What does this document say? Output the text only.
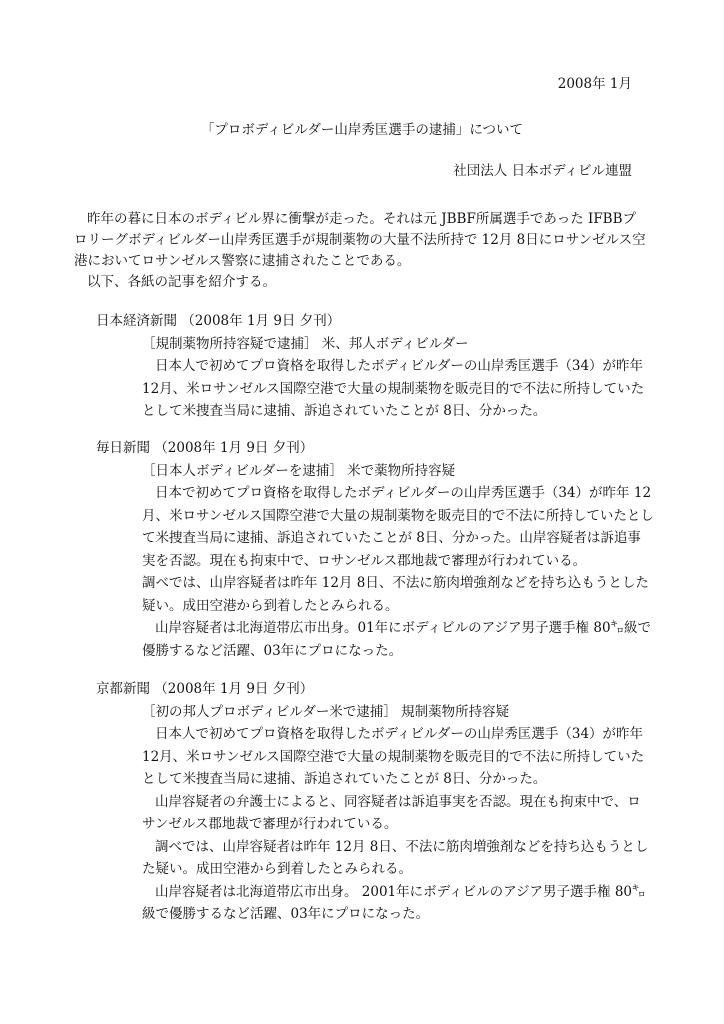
2008年 1月
「プロボディビルダー山岸秀匡選手の逮捕」について
社団法人 日本ボディビル連盟

昨年の暮に日本のボディビル界に衝撃が走った。それは元 JBBF所属選手であった IFBBプロリーグボディビルダー山岸秀匡選手が規制薬物の大量不法所持で 12月 8日にロサンゼルス空港においてロサンゼルス警察に逮捕されたことである。

以下、各紙の記事を紹介する。

日本経済新聞 （2008年 1月 9日 夕刊）

［規制薬物所持容疑で逮捕］ 米、邦人ボディビルダー

日本人で初めてプロ資格を取得したボディビルダーの山岸秀匡選手（34）が昨年 12月、米ロサンゼルス国際空港で大量の規制薬物を販売目的で不法に所持していたとして米捜査当局に逮捕、訴追されていたことが 8日、分かった。

毎日新聞 （2008年 1月 9日 夕刊）

［日本人ボディビルダーを逮捕］ 米で薬物所持容疑

日本で初めてプロ資格を取得したボディビルダーの山岸秀匡選手（34）が昨年 12月、米ロサンゼルス国際空港で大量の規制薬物を販売目的で不法に所持していたとして米捜査当局に逮捕、訴追されていたことが 8日、分かった。山岸容疑者は訴追事実を否認。現在も拘束中で、ロサンゼルス郡地裁で審理が行われている。

調べでは、山岸容疑者は昨年 12月 8日、不法に筋肉増強剤などを持ち込もうとした疑い。成田空港から到着したとみられる。

山岸容疑者は北海道帯広市出身。01年にボディビルのアジア男子選手権 80㌔級で優勝するなど活躍、03年にプロになった。

京都新聞 （2008年 1月 9日 夕刊）

［初の邦人プロボディビルダー米で逮捕］ 規制薬物所持容疑

日本人で初めてプロ資格を取得したボディビルダーの山岸秀匡選手（34）が昨年 12月、米ロサンゼルス国際空港で大量の規制薬物を販売目的で不法に所持していたとして米捜査当局に逮捕、訴追されていたことが 8日、分かった。

山岸容疑者の弁護士によると、同容疑者は訴追事実を否認。現在も拘束中で、ロサンゼルス郡地裁で審理が行われている。

調べでは、山岸容疑者は昨年 12月 8日、不法に筋肉増強剤などを持ち込もうとした疑い。成田空港から到着したとみられる。

山岸容疑者は北海道帯広市出身。 2001年にボディビルのアジア男子選手権 80㌔級で優勝するなど活躍、03年にプロになった。
